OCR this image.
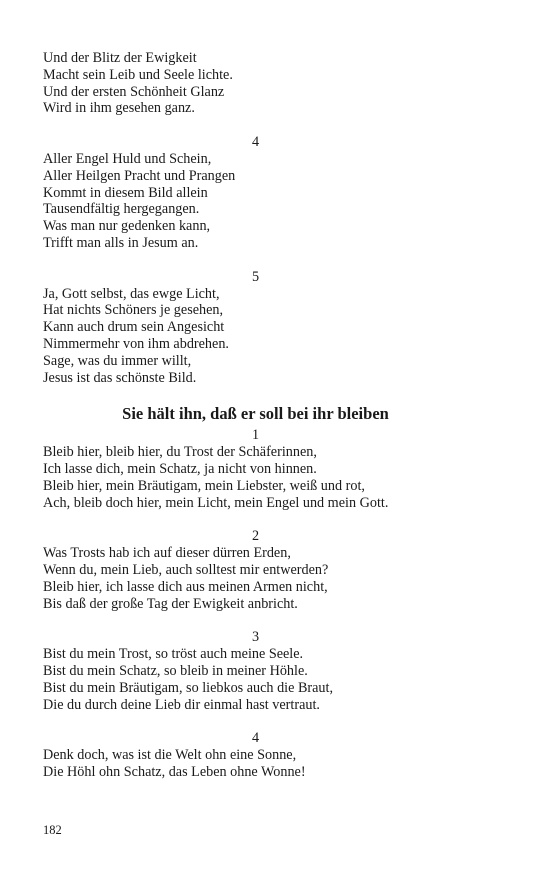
Und der Blitz der Ewigkeit
Macht sein Leib und Seele lichte.
Und der ersten Schönheit Glanz
Wird in ihm gesehen ganz.
4
Aller Engel Huld und Schein,
Aller Heilgen Pracht und Prangen
Kommt in diesem Bild allein
Tausendfältig hergegangen.
Was man nur gedenken kann,
Trifft man alls in Jesum an.
5
Ja, Gott selbst, das ewge Licht,
Hat nichts Schöners je gesehen,
Kann auch drum sein Angesicht
Nimmermehr von ihm abdrehen.
Sage, was du immer willt,
Jesus ist das schönste Bild.
Sie hält ihn, daß er soll bei ihr bleiben
1
Bleib hier, bleib hier, du Trost der Schäferinnen,
Ich lasse dich, mein Schatz, ja nicht von hinnen.
Bleib hier, mein Bräutigam, mein Liebster, weiß und rot,
Ach, bleib doch hier, mein Licht, mein Engel und mein Gott.
2
Was Trosts hab ich auf dieser dürren Erden,
Wenn du, mein Lieb, auch solltest mir entwerden?
Bleib hier, ich lasse dich aus meinen Armen nicht,
Bis daß der große Tag der Ewigkeit anbricht.
3
Bist du mein Trost, so tröst auch meine Seele.
Bist du mein Schatz, so bleib in meiner Höhle.
Bist du mein Bräutigam, so liebkos auch die Braut,
Die du durch deine Lieb dir einmal hast vertraut.
4
Denk doch, was ist die Welt ohn eine Sonne,
Die Höhl ohn Schatz, das Leben ohne Wonne!
182
